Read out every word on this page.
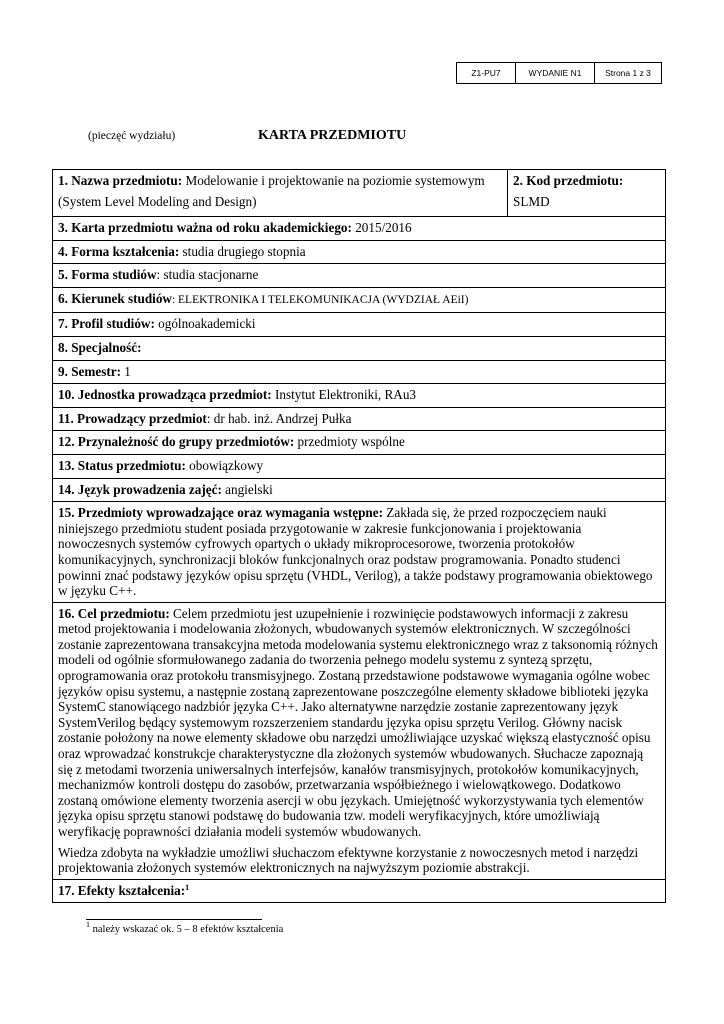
Z1-PU7	WYDANIE N1	Strona 1 z 3
(pieczęć wydziału)	KARTA PRZEDMIOTU
1. Nazwa przedmiotu: Modelowanie i projektowanie na poziomie systemowym
(System Level Modeling and Design)

2. Kod przedmiotu:
SLMD

3. Karta przedmiotu ważna od roku akademickiego: 2015/2016
4. Forma kształcenia: studia drugiego stopnia
5. Forma studiów: studia stacjonarne
6. Kierunek studiów: ELEKTRONIKA I TELEKOMUNIKACJA (WYDZIAŁ AEiI)
7. Profil studiów: ogólnoakademicki
8. Specjalność:
9. Semestr: 1
10. Jednostka prowadząca przedmiot: Instytut Elektroniki, RAu3
11. Prowadzący przedmiot: dr hab. inż. Andrzej Pułka
12. Przynależność do grupy przedmiotów: przedmioty wspólne
13. Status przedmiotu: obowiązkowy
14. Język prowadzenia zajęć: angielski
15. Przedmioty wprowadzające oraz wymagania wstępne: Zakłada się, że przed rozpoczęciem nauki niniejszego przedmiotu student posiada przygotowanie w zakresie funkcjonowania i projektowania nowoczesnych systemów cyfrowych opartych o układy mikroprocesorowe, tworzenia protokołów komunikacyjnych, synchronizacji bloków funkcjonalnych oraz podstaw programowania. Ponadto studenci powinni znać podstawy języków opisu sprzętu (VHDL, Verilog), a także podstawy programowania obiektowego w języku C++.

16. Cel przedmiotu: Celem przedmiotu jest uzupełnienie i rozwinięcie podstawowych informacji z zakresu metod projektowania i modelowania złożonych, wbudowanych systemów elektronicznych. W szczególności zostanie zaprezentowana transakcyjna metoda modelowania systemu elektronicznego wraz z taksonomią różnych modeli od ogólnie sformułowanego zadania do tworzenia pełnego modelu systemu z syntezą sprzętu, oprogramowania oraz protokołu transmisyjnego. Zostaną przedstawione podstawowe wymagania ogólne wobec języków opisu systemu, a następnie zostaną zaprezentowane poszczególne elementy składowe biblioteki języka SystemC stanowiącego nadzbiór języka C++. Jako alternatywne narzędzie zostanie zaprezentowany język SystemVerilog będący systemowym rozszerzeniem standardu języka opisu sprzętu Verilog. Główny nacisk zostanie położony na nowe elementy składowe obu narzędzi umożliwiające uzyskać większą elastyczność opisu oraz wprowadzać konstrukcje charakterystyczne dla złożonych systemów wbudowanych. Słuchacze zapoznają się z metodami tworzenia uniwersalnych interfejsów, kanałów transmisyjnych, protokołów komunikacyjnych, mechanizmów kontroli dostępu do zasobów, przetwarzania współbieżnego i wielowątkowego. Dodatkowo zostaną omówione elementy tworzenia asercji w obu językach. Umiejętność wykorzystywania tych elementów języka opisu sprzętu stanowi podstawę do budowania tzw. modeli weryfikacyjnych, które umożliwiają weryfikację poprawności działania modeli systemów wbudowanych.

Wiedza zdobyta na wykładzie umożliwi słuchaczom efektywne korzystanie z nowoczesnych metod i narzędzi projektowania złożonych systemów elektronicznych na najwyższym poziomie abstrakcji.

17. Efekty kształcenia:$^1$
$^1$ należy wskazać ok. 5 – 8 efektów kształcenia
